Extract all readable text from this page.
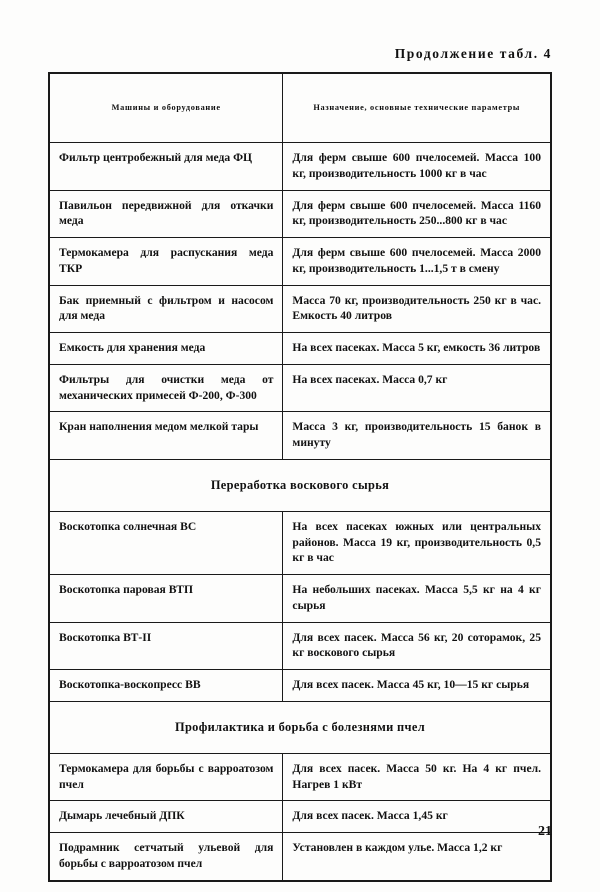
Продолжение табл. 4
Машины и оборудование	Назначение, основные технические параметры
Фильтр центробежный для меда ФЦ	Для ферм свыше 600 пчелосемей. Масса 100 кг, производительность 1000 кг в час
Павильон передвижной для откачки меда	Для ферм свыше 600 пчелосемей. Масса 1160 кг, производительность 250...800 кг в час
Термокамера для распускания меда ТКР	Для ферм свыше 600 пчелосемей. Масса 2000 кг, производительность 1...1,5 т в смену
Бак приемный с фильтром и насосом для меда	Масса 70 кг, производительность 250 кг в час. Емкость 40 литров
Емкость для хранения меда	На всех пасеках. Масса 5 кг, емкость 36 литров
Фильтры для очистки меда от механических примесей Ф-200, Ф-300	На всех пасеках. Масса 0,7 кг
Кран наполнения медом мелкой тары	Масса 3 кг, производительность 15 банок в минуту
Переработка воскового сырья	
Воскотопка солнечная ВС	На всех пасеках южных или центральных районов. Масса 19 кг, производительность 0,5 кг в час
Воскотопка паровая ВТП	На небольших пасеках. Масса 5,5 кг на 4 кг сырья
Воскотопка ВТ-II	Для всех пасек. Масса 56 кг, 20 соторамок, 25 кг воскового сырья
Воскотопка-воскопресс ВВ	Для всех пасек. Масса 45 кг, 10—15 кг сырья
Профилактика и борьба с болезнями пчел	
Термокамера для борьбы с варроатозом пчел	Для всех пасек. Масса 50 кг. На 4 кг пчел. Нагрев 1 кВт
Дымарь лечебный ДПК	Для всех пасек. Масса 1,45 кг
Подрамник сетчатый ульевой для борьбы с варроатозом пчел	Установлен в каждом улье. Масса 1,2 кг
21
